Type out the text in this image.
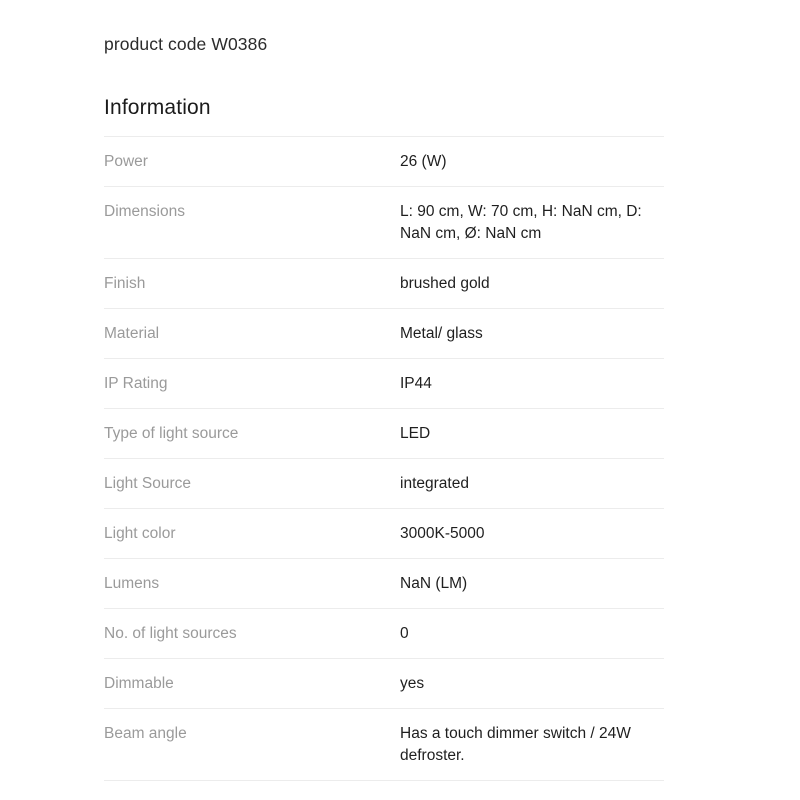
product code W0386
Information
Power	26 (W)
Dimensions	L: 90 cm, W: 70 cm, H: NaN cm, D: NaN cm, Ø: NaN cm
Finish	brushed gold
Material	Metal/ glass
IP Rating	IP44
Type of light source	LED
Light Source	integrated
Light color	3000K-5000
Lumens	NaN (LM)
No. of light sources	0
Dimmable	yes
Beam angle	Has a touch dimmer switch / 24W defroster.
